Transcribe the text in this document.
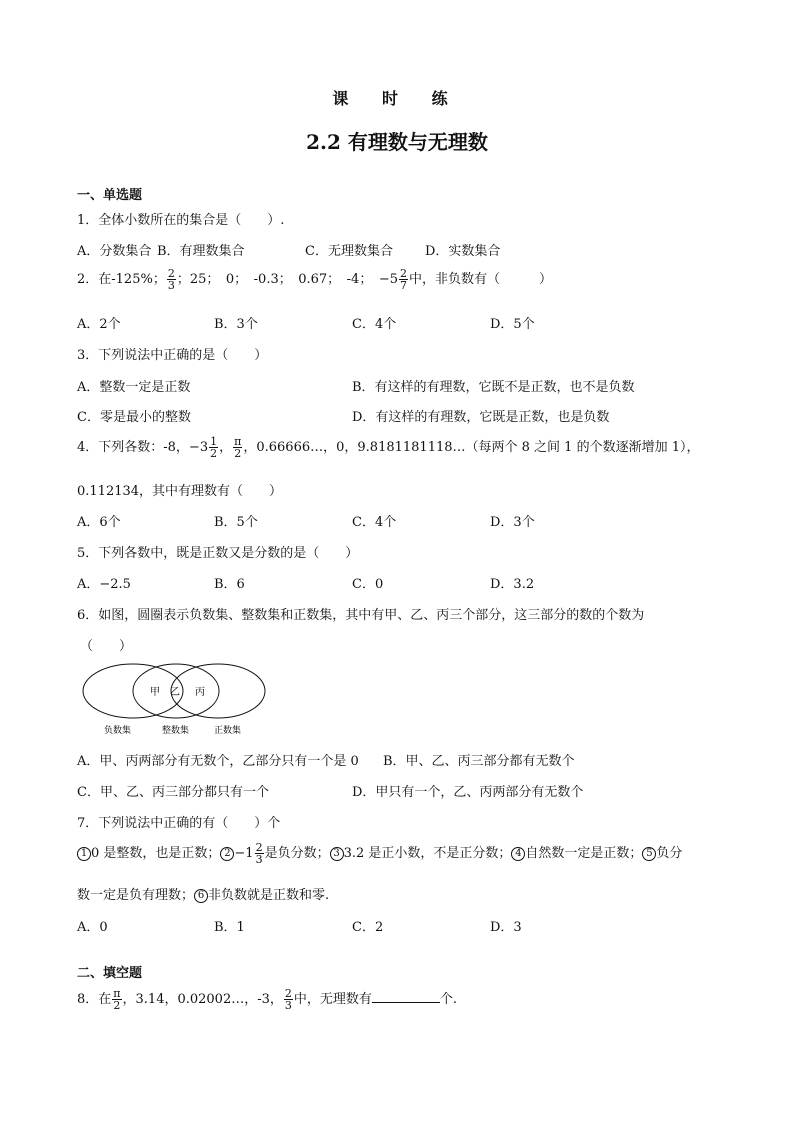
课 时 练
2.2 有理数与无理数
一、单选题
1．全体小数所在的集合是（　　）.
A．分数集合 B．有理数集合	C．无理数集合 D．实数集合
2．在-125%； $\frac{2}{3}$ ；25；　0；　-0.3；　0.67；　-4；　$-5 \frac{2}{7}$ 中，非负数有（　　　）
A．2个	B．3个	C．4个	D．5个
3．下列说法中正确的是（　　）
A．整数一定是正数	B．有这样的有理数，它既不是正数，也不是负数
C．零是最小的整数	D．有这样的有理数，它既是正数，也是负数
4．下列各数：-8，$-3 \frac{1}{2}$ ， $\frac{\pi}{2}$ ，0.66666…，0，9.8181181118…（每两个 8 之间 1 的个数逐渐增加 1），
0.112134，其中有理数有（　　）
A．6个	B．5个	C．4个	D．3个
5．下列各数中，既是正数又是分数的是（　　）
A．−2.5	B．6	C．0	D．3.2
6．如图，圆圈表示负数集、整数集和正数集，其中有甲、乙、丙三个部分，这三部分的数的个数为
（　　）
甲 乙 丙
负数集	整数集	正数集
A．甲、丙两部分有无数个，乙部分只有一个是 0 B．甲、乙、丙三部分都有无数个
C．甲、乙、丙三部分都只有一个	D．甲只有一个，乙、丙两部分有无数个
7．下列说法中正确的有（　　）个
1 0 是整数，也是正数； $2 -1 \frac{2}{3}$ 是负分数； 3 3.2 是正小数，不是正分数； 4 自然数一定是正数； 5 负分
数一定是负有理数； 6 非负数就是正数和零.
A．0	B．1	C．2	D．3
二、填空题
8．在 $\frac{\pi}{2}$ ，3.14，0.02002…，-3， $\frac{2}{3}$ 中，无理数有	个.
